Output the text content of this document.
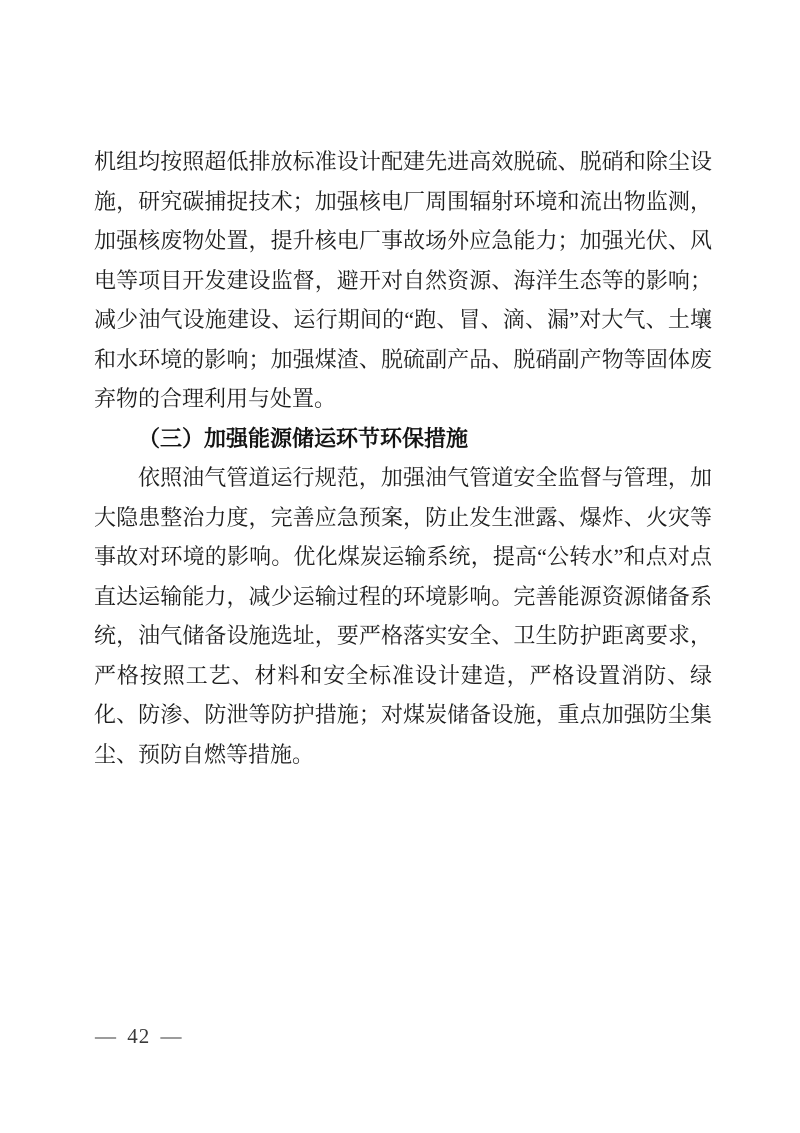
机组均按照超低排放标准设计配建先进高效脱硫、脱硝和除尘设施，研究碳捕捉技术；加强核电厂周围辐射环境和流出物监测，加强核废物处置，提升核电厂事故场外应急能力；加强光伏、风电等项目开发建设监督，避开对自然资源、海洋生态等的影响；减少油气设施建设、运行期间的“跑、冒、滴、漏”对大气、土壤和水环境的影响；加强煤渣、脱硫副产品、脱硝副产物等固体废弃物的合理利用与处置。

（三）加强能源储运环节环保措施

依照油气管道运行规范，加强油气管道安全监督与管理，加大隐患整治力度，完善应急预案，防止发生泄露、爆炸、火灾等事故对环境的影响。优化煤炭运输系统，提高“公转水”和点对点直达运输能力，减少运输过程的环境影响。完善能源资源储备系统，油气储备设施选址，要严格落实安全、卫生防护距离要求，严格按照工艺、材料和安全标准设计建造，严格设置消防、绿化、防渗、防泄等防护措施；对煤炭储备设施，重点加强防尘集尘、预防自燃等措施。

— 42 —
